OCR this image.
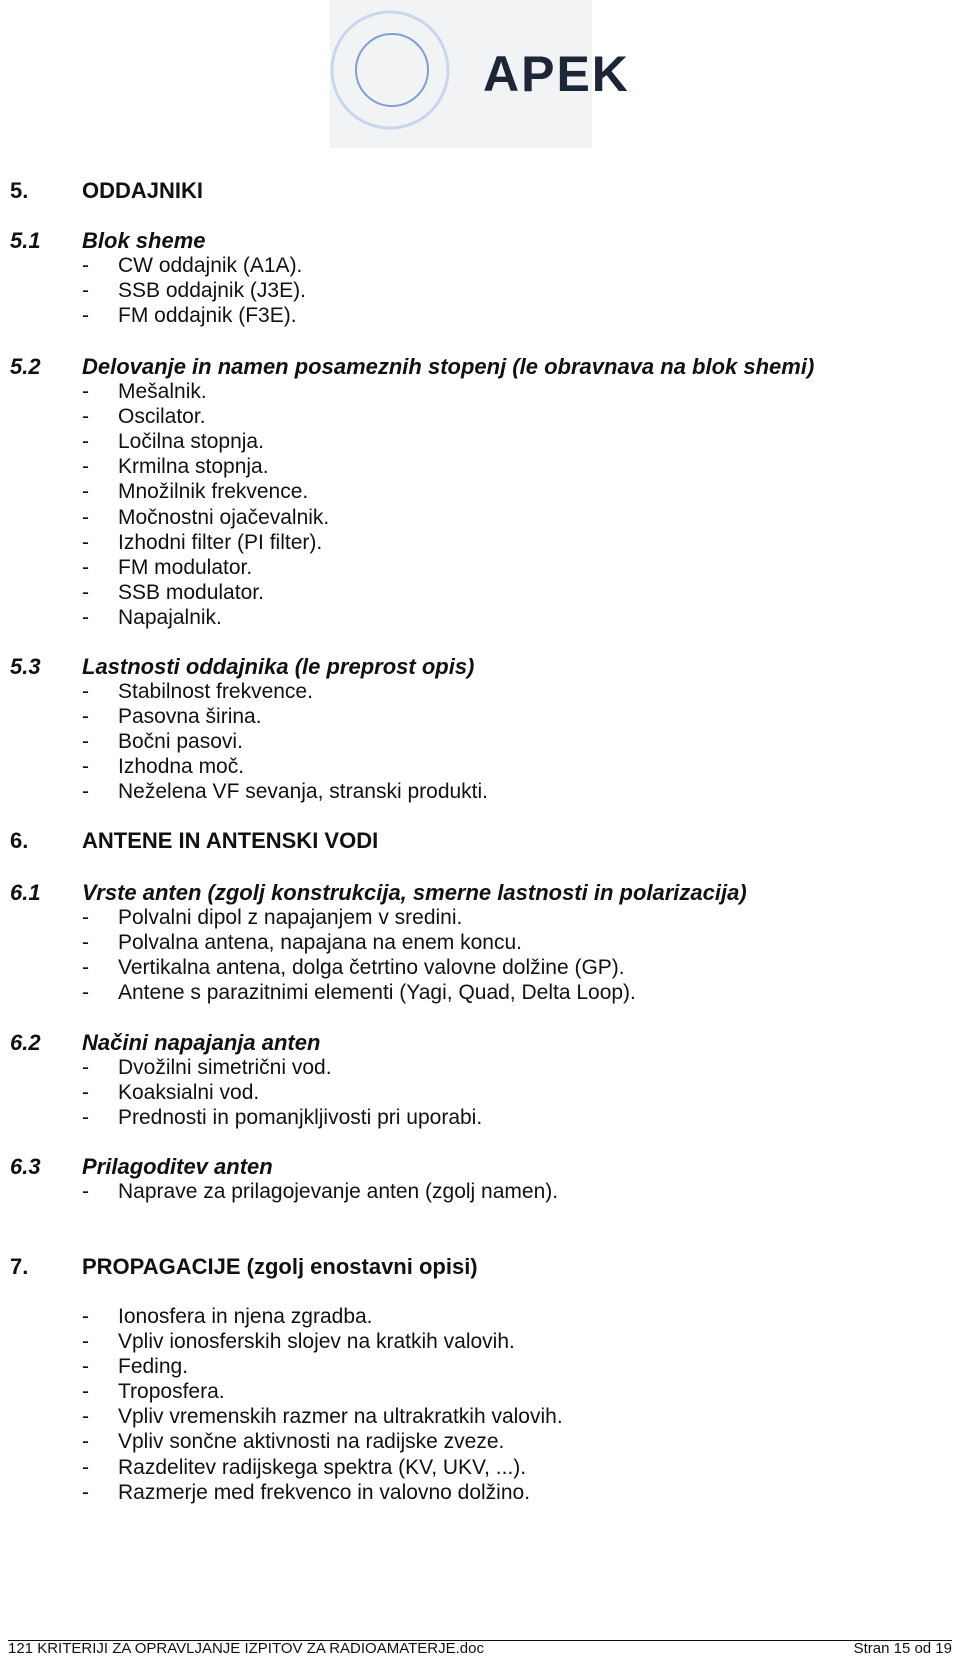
APEK
5. ODDAJNIKI
5.1 Blok sheme
- CW oddajnik (A1A).
- SSB oddajnik (J3E).
- FM oddajnik (F3E).
5.2 Delovanje in namen posameznih stopenj (le obravnava na blok shemi)
- Mešalnik.
- Oscilator.
- Ločilna stopnja.
- Krmilna stopnja.
- Množilnik frekvence.
- Močnostni ojačevalnik.
- Izhodni filter (PI filter).
- FM modulator.
- SSB modulator.
- Napajalnik.
5.3 Lastnosti oddajnika (le preprost opis)
- Stabilnost frekvence.
- Pasovna širina.
- Bočni pasovi.
- Izhodna moč.
- Neželena VF sevanja, stranski produkti.
6. ANTENE IN ANTENSKI VODI
6.1 Vrste anten (zgolj konstrukcija, smerne lastnosti in polarizacija)
- Polvalni dipol z napajanjem v sredini.
- Polvalna antena, napajana na enem koncu.
- Vertikalna antena, dolga četrtino valovne dolžine (GP).
- Antene s parazitnimi elementi (Yagi, Quad, Delta Loop).
6.2 Načini napajanja anten
- Dvožilni simetrični vod.
- Koaksialni vod.
- Prednosti in pomanjkljivosti pri uporabi.
6.3 Prilagoditev anten
- Naprave za prilagojevanje anten (zgolj namen).
7. PROPAGACIJE (zgolj enostavni opisi)
- Ionosfera in njena zgradba.
- Vpliv ionosferskih slojev na kratkih valovih.
- Feding.
- Troposfera.
- Vpliv vremenskih razmer na ultrakratkih valovih.
- Vpliv sončne aktivnosti na radijske zveze.
- Razdelitev radijskega spektra (KV, UKV, ...).
- Razmerje med frekvenco in valovno dolžino.
121 KRITERIJI ZA OPRAVLJANJE IZPITOV ZA RADIOAMATERJE.doc	Stran 15 od 19
